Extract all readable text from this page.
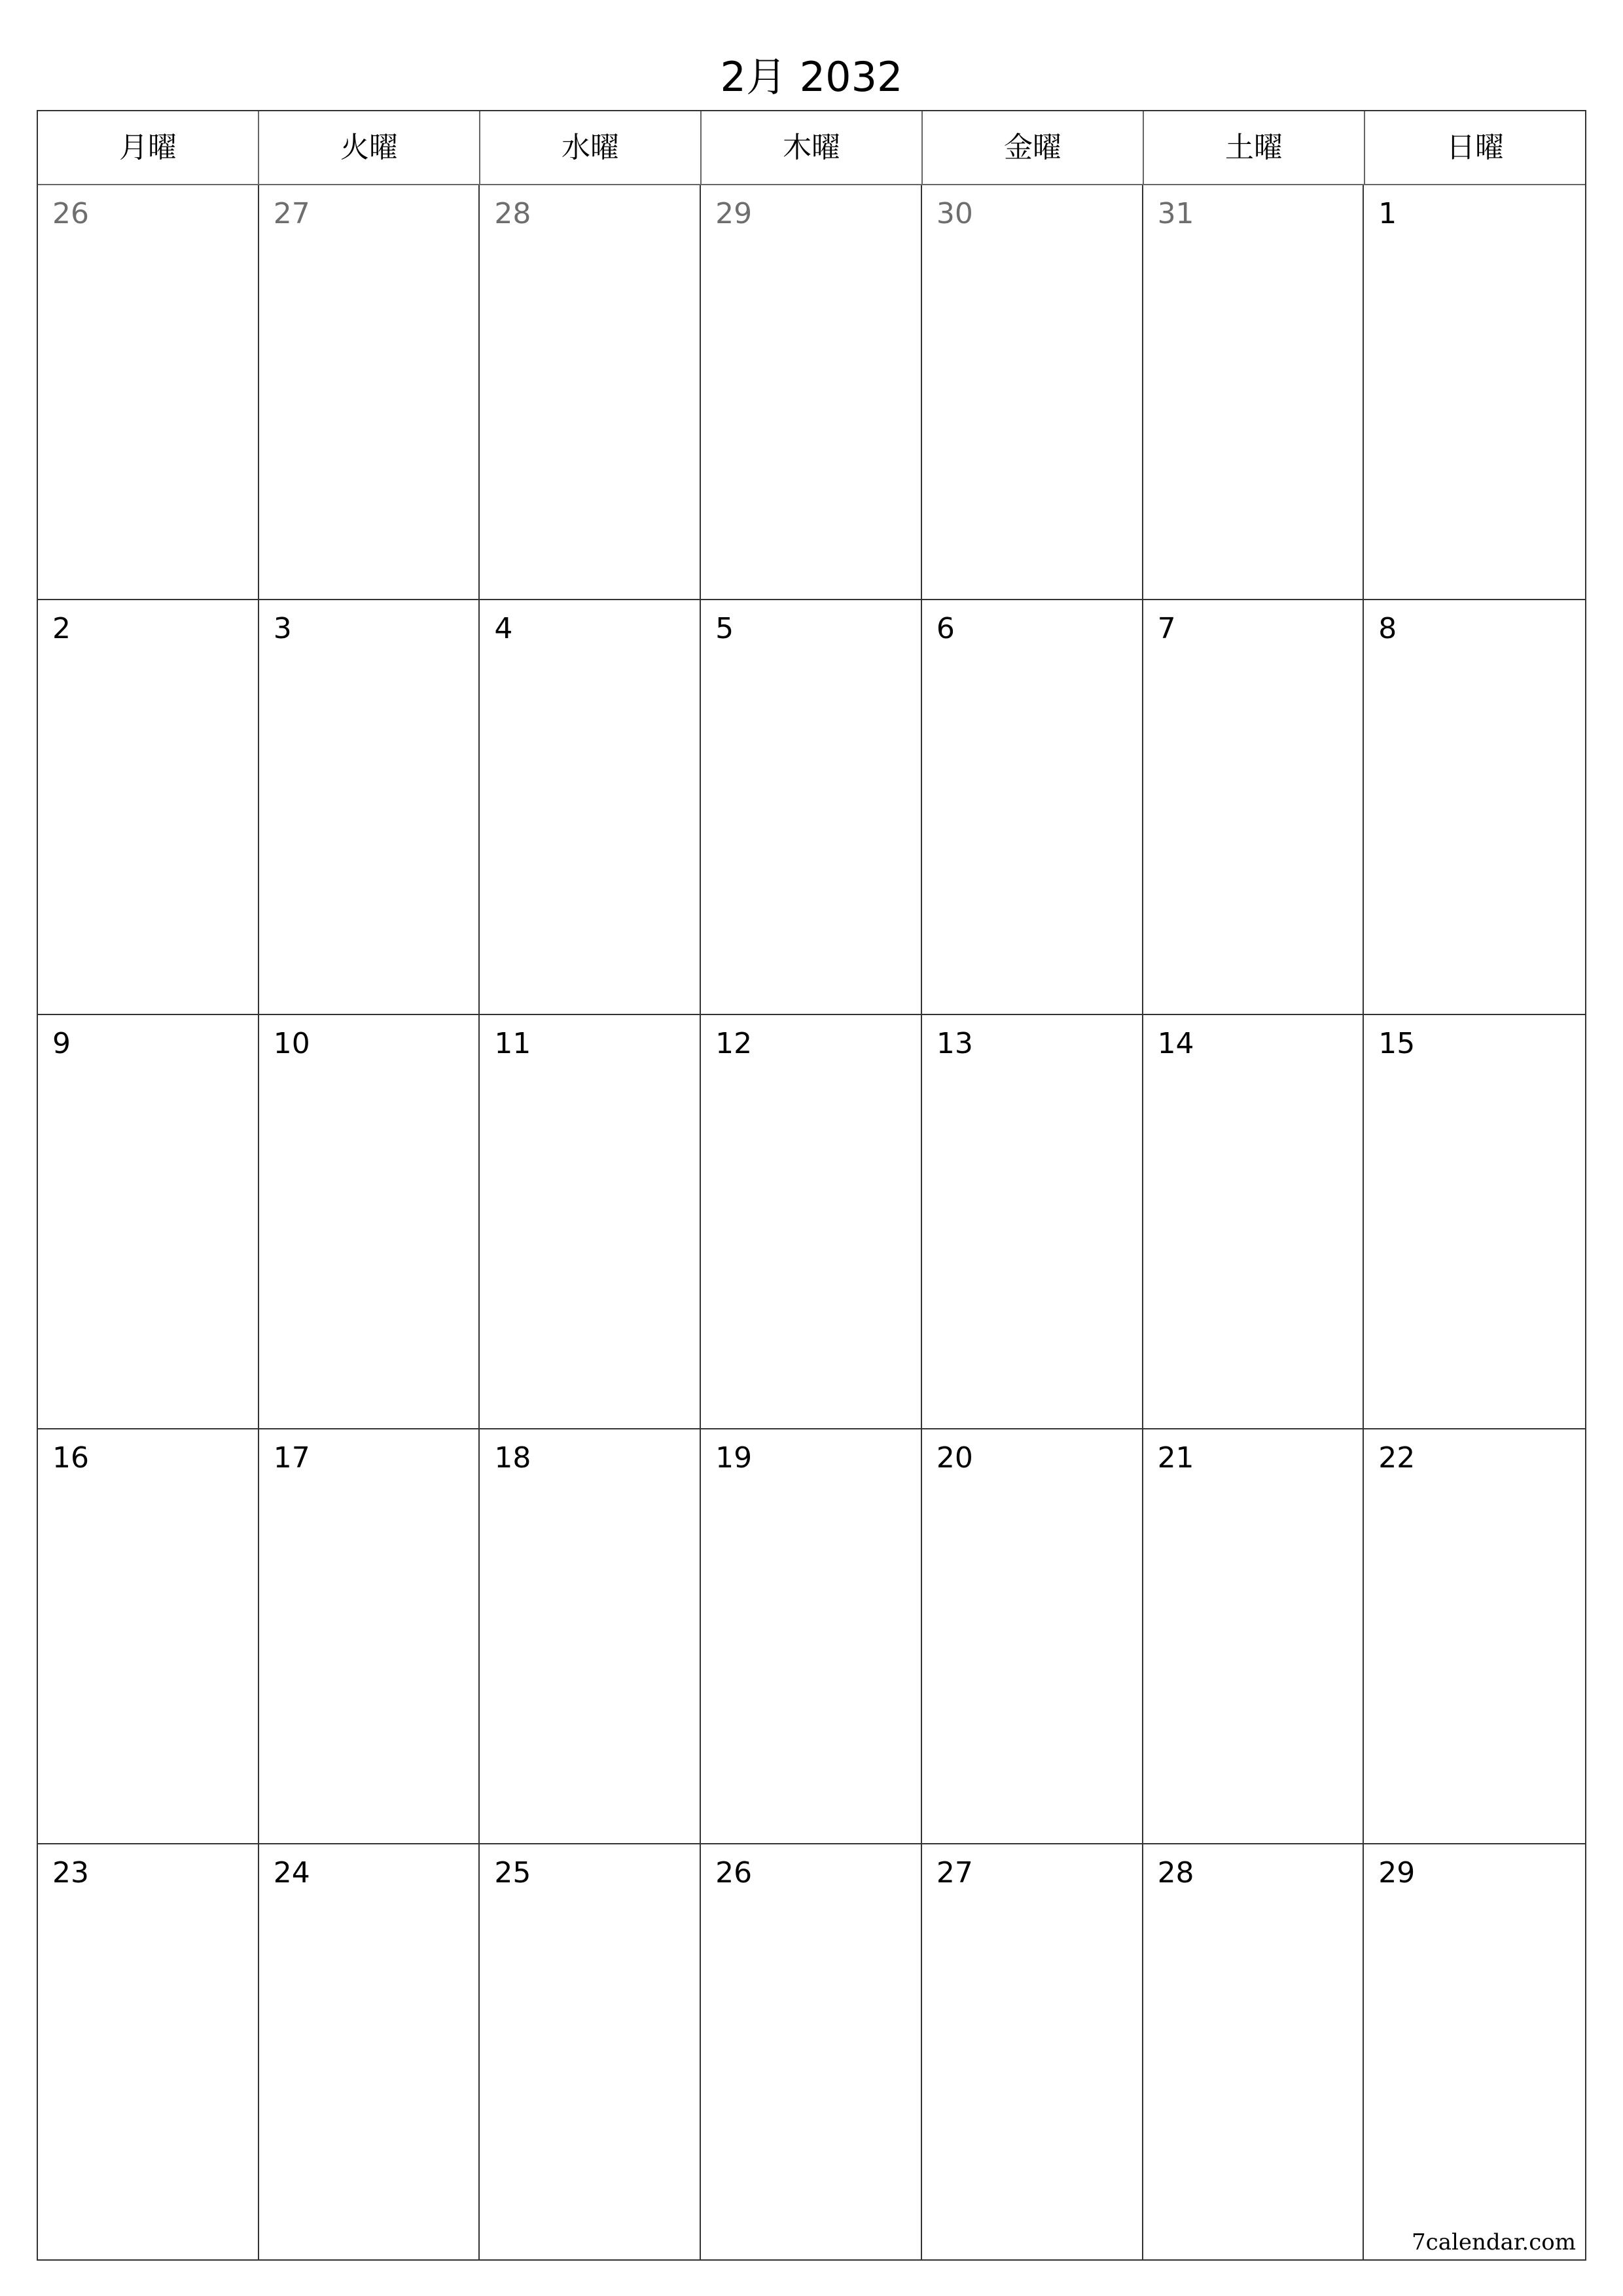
2月 2032
月曜	火曜	水曜	木曜	金曜	土曜	日曜
26	27	28	29	30	31	1
2	3	4	5	6	7	8
9	10	11	12	13	14	15
16	17	18	19	20	21	22
23	24	25	26	27	28	29
7calendar.com
